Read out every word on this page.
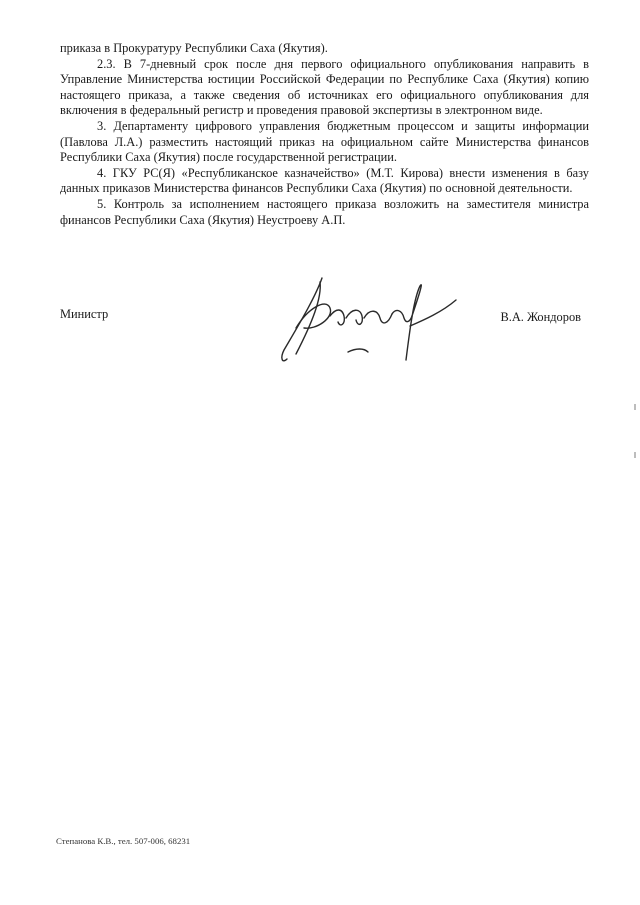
приказа в Прокуратуру Республики Саха (Якутия).

2.3. В 7-дневный срок после дня первого официального опубликования направить в Управление Министерства юстиции Российской Федерации по Республике Саха (Якутия) копию настоящего приказа, а также сведения об источниках его официального опубликования для включения в федеральный регистр и проведения правовой экспертизы в электронном виде.

3. Департаменту цифрового управления бюджетным процессом и защиты информации (Павлова Л.А.) разместить настоящий приказ на официальном сайте Министерства финансов Республики Саха (Якутия) после государственной регистрации.

4. ГКУ РС(Я) «Республиканское казначейство» (М.Т. Кирова) внести изменения в базу данных приказов Министерства финансов Республики Саха (Якутия) по основной деятельности.

5. Контроль за исполнением настоящего приказа возложить на заместителя министра финансов Республики Саха (Якутия) Неустроеву А.П.

Министр	В.А. Жондоров
Степанова К.В., тел. 507-006, 68231
